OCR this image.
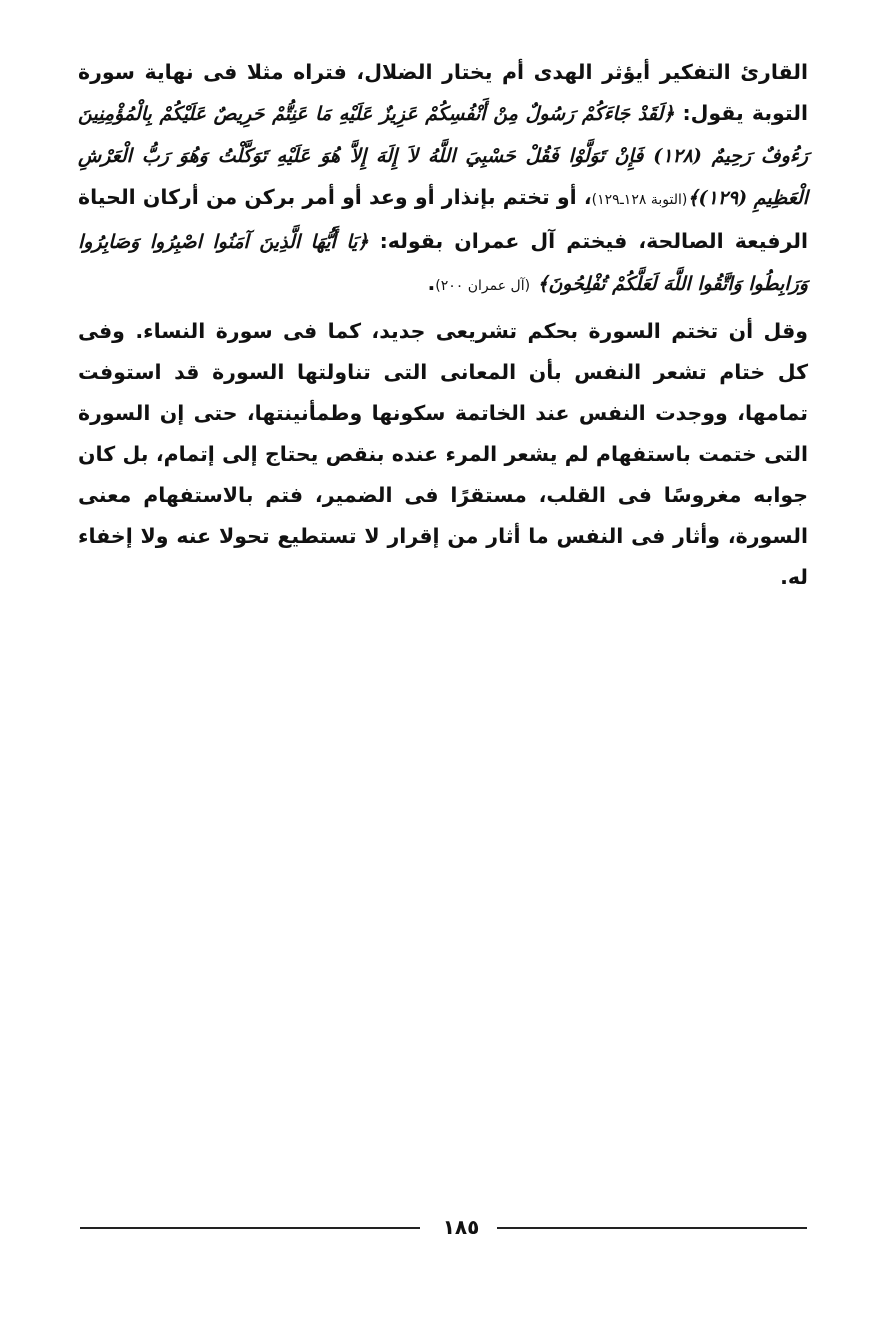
القارئ التفكير أيؤثر الهدى أم يختار الضلال، فتراه مثلا فى نهاية سورة التوبة يقول: ﴿لَقَدْ جَاءَكُمْ رَسُولٌ مِنْ أَنْفُسِكُمْ عَزِيزٌ عَلَيْهِ مَا عَنِتُّمْ حَرِيصٌ عَلَيْكُمْ بِالْمُؤْمِنِينَ رَءُوفٌ رَحِيمٌ (١٢٨) فَإِنْ تَوَلَّوْا فَقُلْ حَسْبِيَ اللَّهُ لاَ إِلَهَ إِلاَّ هُوَ عَلَيْهِ تَوَكَّلْتُ وَهُوَ رَبُّ الْعَرْشِ الْعَظِيمِ (١٢٩)﴾(التوبة ١٢٨ـ١٢٩)، أو تختم بإنذار أو وعد أو أمر بركن من أركان الحياة الرفيعة الصالحة، فيختم آل عمران بقوله: ﴿يَا أَيُّهَا الَّذِينَ آمَنُوا اصْبِرُوا وَصَابِرُوا وَرَابِطُوا وَاتَّقُوا اللَّهَ لَعَلَّكُمْ تُفْلِحُونَ﴾ (آل عمران ٢٠٠).

وقل أن تختم السورة بحكم تشريعى جديد، كما فى سورة النساء. وفى كل ختام تشعر النفس بأن المعانى التى تناولتها السورة قد استوفت تمامها، ووجدت النفس عند الخاتمة سكونها وطمأنينتها، حتى إن السورة التى ختمت باستفهام لم يشعر المرء عنده بنقص يحتاج إلى إتمام، بل كان جوابه مغروسًا فى القلب، مستقرًا فى الضمير، فتم بالاستفهام معنى السورة، وأثار فى النفس ما أثار من إقرار لا تستطيع تحولا عنه ولا إخفاء له.

١٨٥
